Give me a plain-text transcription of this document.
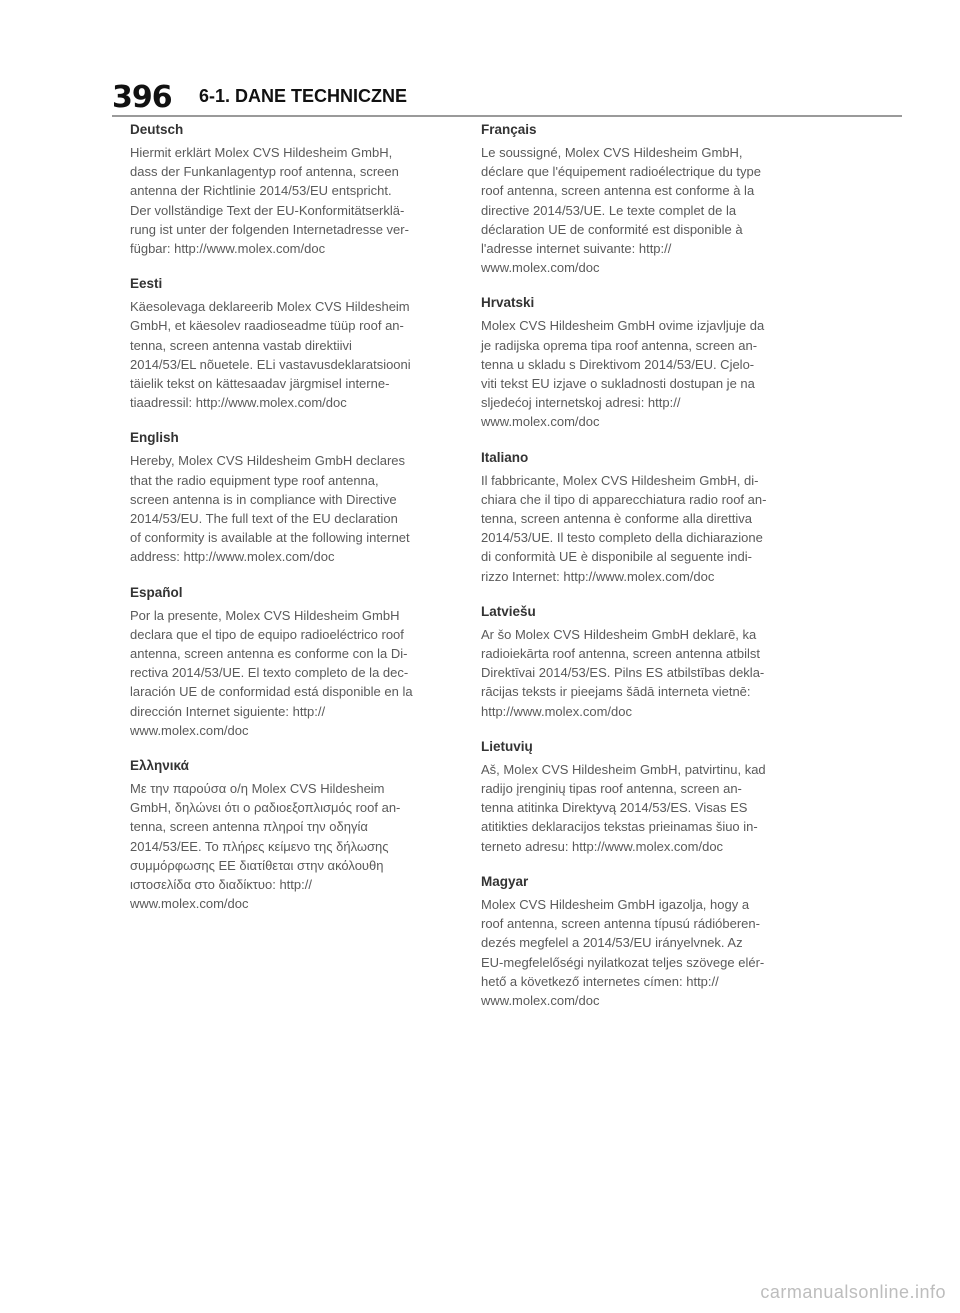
396 6-1. DANE TECHNICZNE
Deutsch

Hiermit erklärt Molex CVS Hildesheim GmbH,
dass der Funkanlagentyp roof antenna, screen
antenna der Richtlinie 2014/53/EU entspricht.
Der vollständige Text der EU-Konformitätserklä-
rung ist unter der folgenden Internetadresse ver-
fügbar: http://www.molex.com/doc

Eesti

Käesolevaga deklareerib Molex CVS Hildesheim
GmbH, et käesolev raadioseadme tüüp roof an-
tenna, screen antenna vastab direktiivi
2014/53/EL nõuetele. ELi vastavusdeklaratsiooni
täielik tekst on kättesaadav järgmisel interne-
tiaadressil: http://www.molex.com/doc

English

Hereby, Molex CVS Hildesheim GmbH declares
that the radio equipment type roof antenna,
screen antenna is in compliance with Directive
2014/53/EU. The full text of the EU declaration
of conformity is available at the following internet
address: http://www.molex.com/doc

Español

Por la presente, Molex CVS Hildesheim GmbH
declara que el tipo de equipo radioeléctrico roof
antenna, screen antenna es conforme con la Di-
rectiva 2014/53/UE. El texto completo de la dec-
laración UE de conformidad está disponible en la
dirección Internet siguiente: http://
www.molex.com/doc

Ελληνικά

Με την παρούσα ο/η Molex CVS Hildesheim
GmbH, δηλώνει ότι ο ραδιοεξοπλισμός roof an-
tenna, screen antenna πληροί την οδηγία
2014/53/ΕΕ. Το πλήρες κείμενο της δήλωσης
συμμόρφωσης ΕΕ διατίθεται στην ακόλουθη
ιστοσελίδα στο διαδίκτυο: http://
www.molex.com/doc

Français

Le soussigné, Molex CVS Hildesheim GmbH,
déclare que l'équipement radioélectrique du type
roof antenna, screen antenna est conforme à la
directive 2014/53/UE. Le texte complet de la
déclaration UE de conformité est disponible à
l'adresse internet suivante: http://
www.molex.com/doc

Hrvatski

Molex CVS Hildesheim GmbH ovime izjavljuje da
je radijska oprema tipa roof antenna, screen an-
tenna u skladu s Direktivom 2014/53/EU. Cjelo-
viti tekst EU izjave o sukladnosti dostupan je na
sljedećoj internetskoj adresi: http://
www.molex.com/doc

Italiano

Il fabbricante, Molex CVS Hildesheim GmbH, di-
chiara che il tipo di apparecchiatura radio roof an-
tenna, screen antenna è conforme alla direttiva
2014/53/UE. Il testo completo della dichiarazione
di conformità UE è disponibile al seguente indi-
rizzo Internet: http://www.molex.com/doc

Latviešu

Ar šo Molex CVS Hildesheim GmbH deklarē, ka
radioiekārta roof antenna, screen antenna atbilst
Direktīvai 2014/53/ES. Pilns ES atbilstības dekla-
rācijas teksts ir pieejams šādā interneta vietnē:
http://www.molex.com/doc

Lietuvių

Aš, Molex CVS Hildesheim GmbH, patvirtinu, kad
radijo įrenginių tipas roof antenna, screen an-
tenna atitinka Direktyvą 2014/53/ES. Visas ES
atitikties deklaracijos tekstas prieinamas šiuo in-
terneto adresu: http://www.molex.com/doc

Magyar

Molex CVS Hildesheim GmbH igazolja, hogy a
roof antenna, screen antenna típusú rádióberen-
dezés megfelel a 2014/53/EU irányelvnek. Az
EU-megfelelőségi nyilatkozat teljes szövege elér-
hető a következő internetes címen: http://
www.molex.com/doc

carmanualsonline.info
